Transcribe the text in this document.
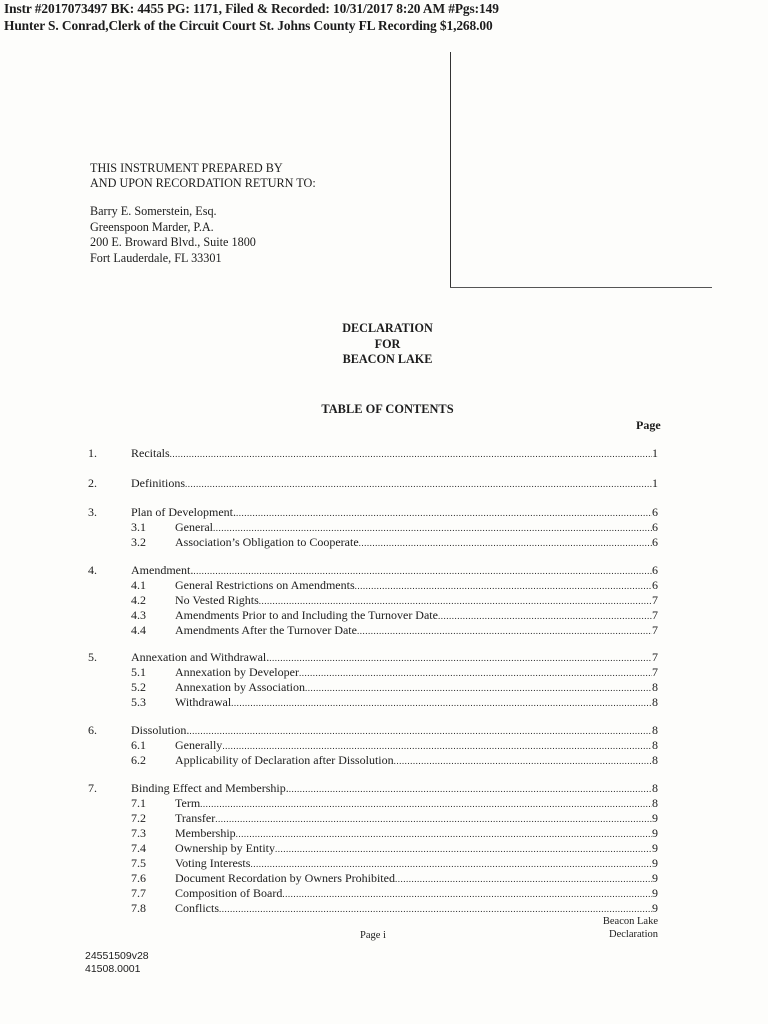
Instr #2017073497 BK: 4455 PG: 1171, Filed & Recorded: 10/31/2017 8:20 AM #Pgs:149
Hunter S. Conrad,Clerk of the Circuit Court St. Johns County FL Recording $1,268.00
THIS INSTRUMENT PREPARED BY
AND UPON RECORDATION RETURN TO:
Barry E. Somerstein, Esq.
Greenspoon Marder, P.A.
200 E. Broward Blvd., Suite 1800
Fort Lauderdale, FL 33301
DECLARATION
FOR
BEACON LAKE
TABLE OF CONTENTS
Page
1.	Recitals .....	1
2.	Definitions .....	1
3.	Plan of Development. .....	6
3.1 General .....	6
3.2 Association’s Obligation to Cooperate .....	6
4.	Amendment. .....	6
4.1 General Restrictions on Amendments .....	6
4.2 No Vested Rights .....	7
4.3 Amendments Prior to and Including the Turnover Date .....	7
4.4 Amendments After the Turnover Date .....	7
5.	Annexation and Withdrawal. .....	7
5.1 Annexation by Developer .....	7
5.2 Annexation by Association .....	8
5.3 Withdrawal .....	8
6.	Dissolution. .....	8
6.1 Generally .....	8
6.2 Applicability of Declaration after Dissolution .....	8
7.	Binding Effect and Membership. .....	8
7.1 Term .....	8
7.2 Transfer .....	9
7.3 Membership .....	9
7.4 Ownership by Entity .....	9
7.5 Voting Interests .....	9
7.6 Document Recordation by Owners Prohibited .....	9
7.7 Composition of Board .....	9
7.8 Conflicts .....	9
Beacon Lake
Declaration
Page i
24551509v28
41508.0001
